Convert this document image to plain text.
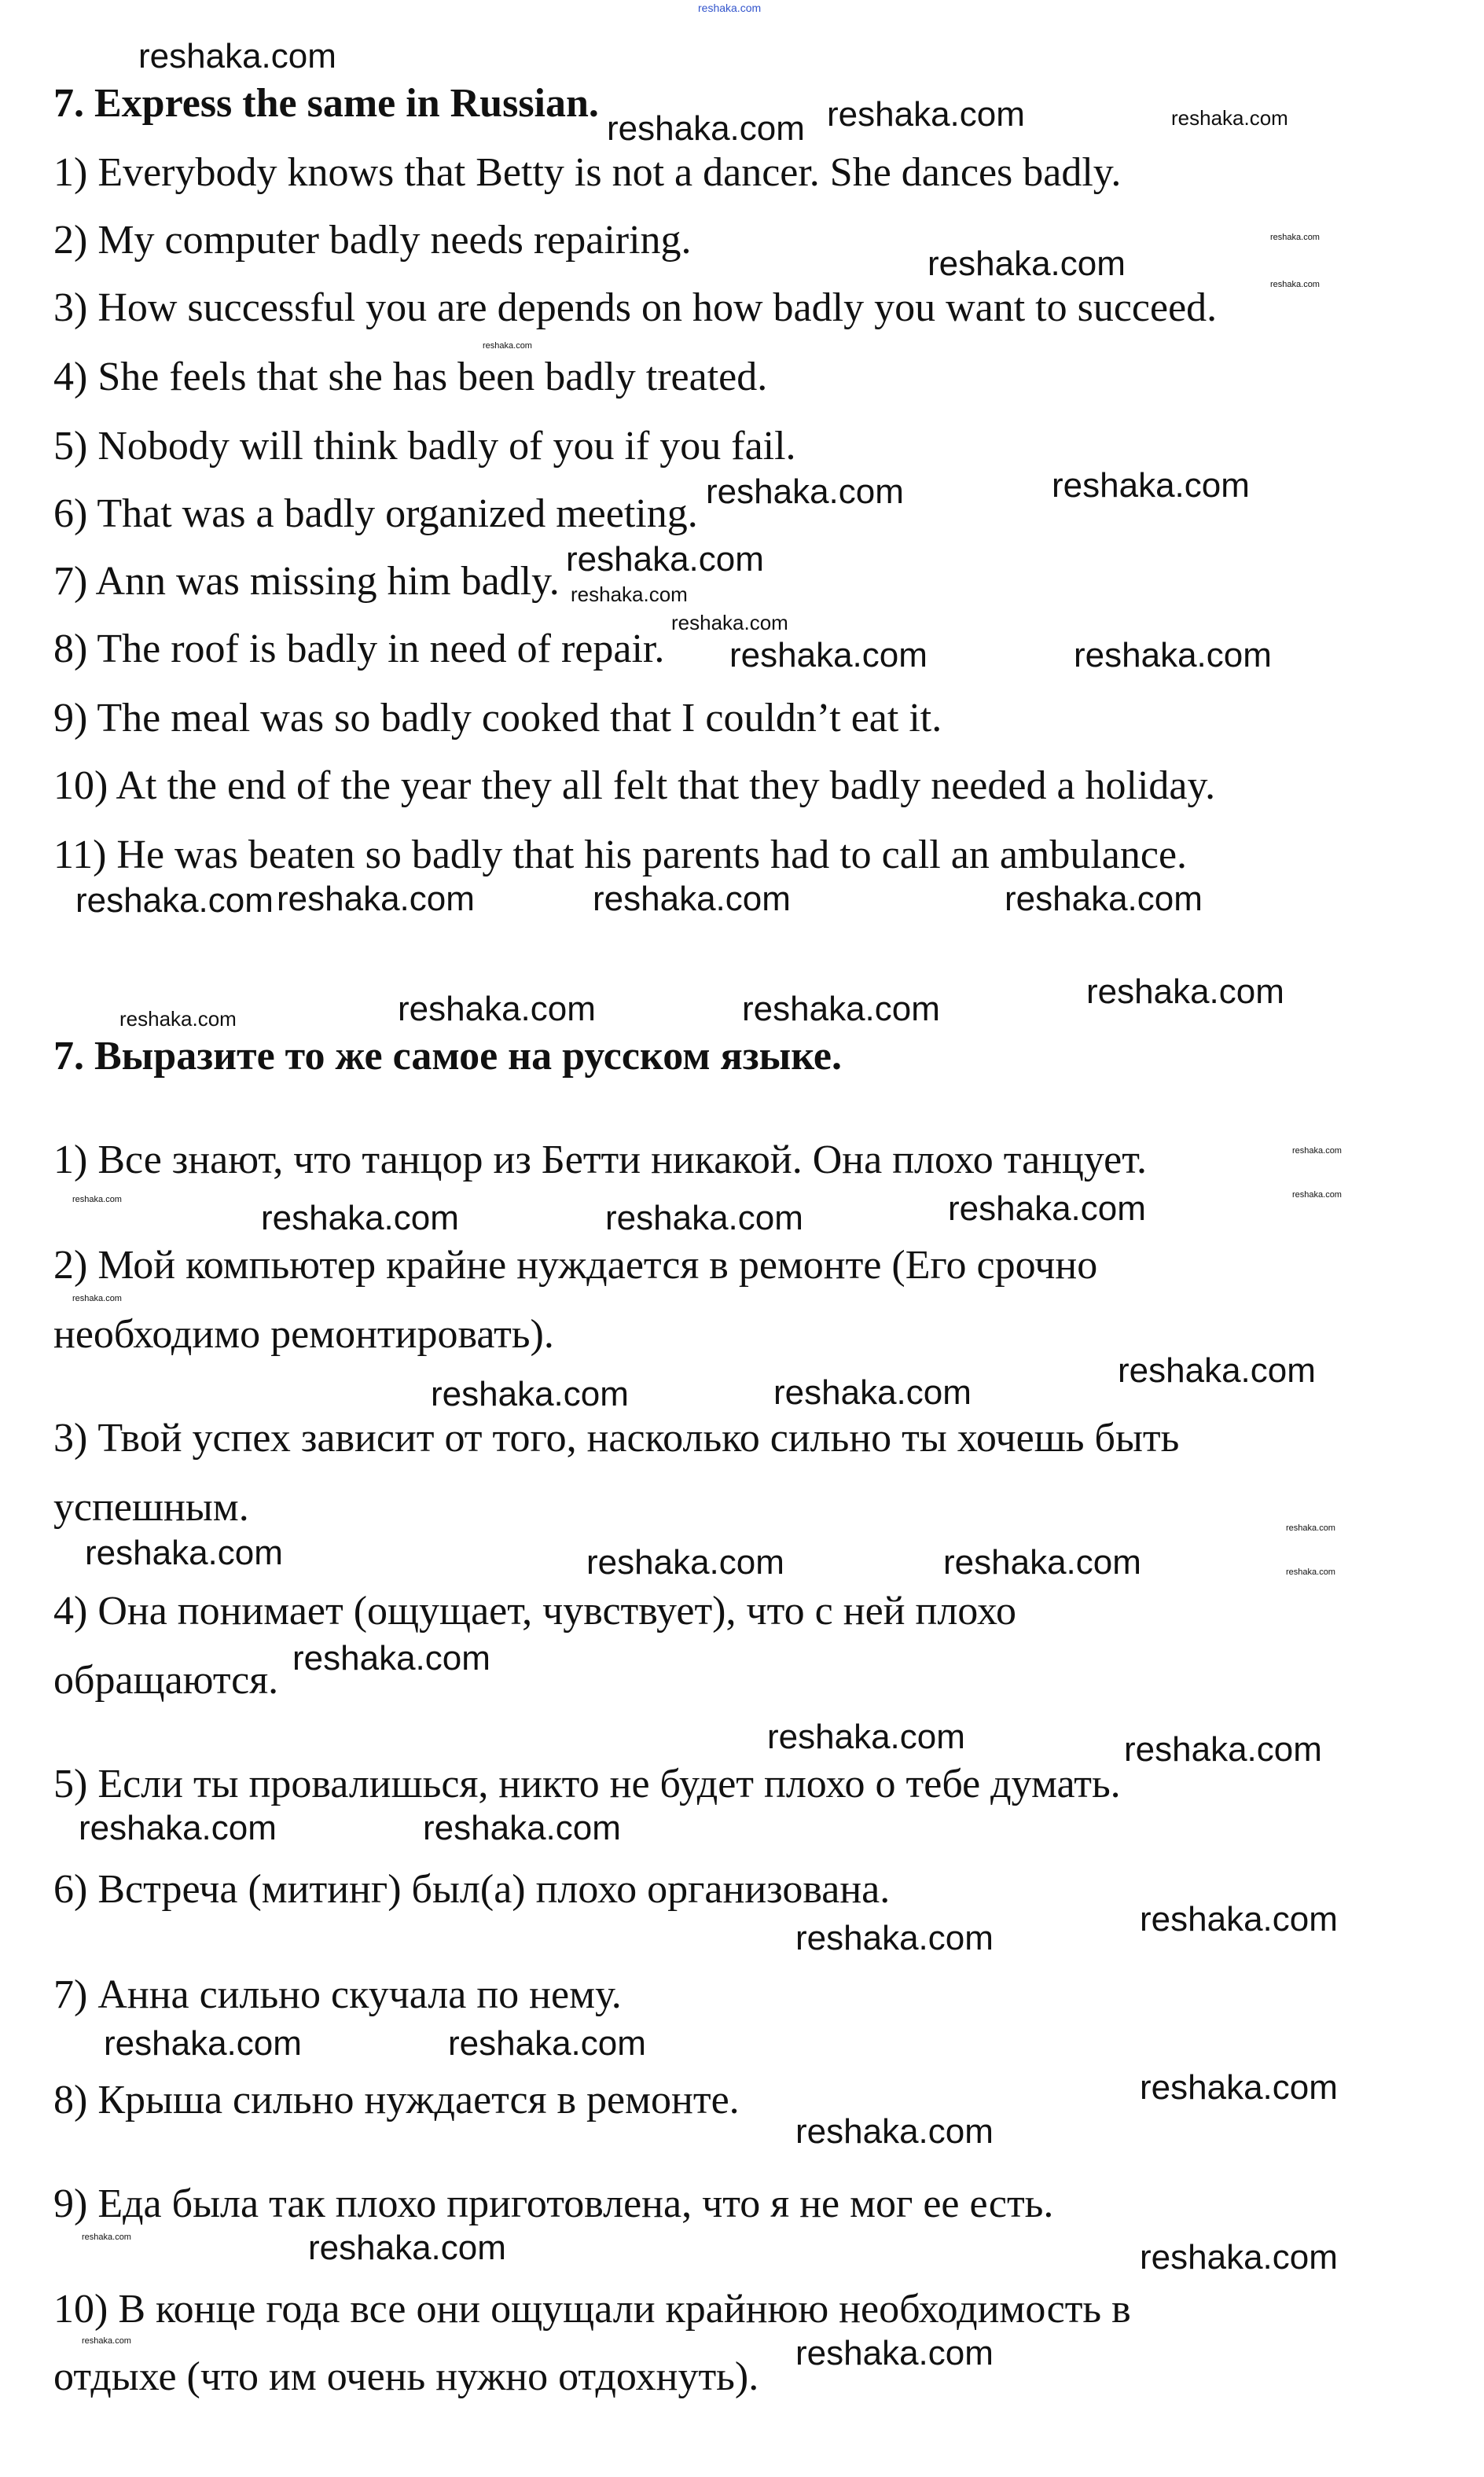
reshaka.com
7. Express the same in Russian.
1) Everybody knows that Betty is not a dancer. She dances badly.
2) My computer badly needs repairing.
3) How successful you are depends on how badly you want to succeed.
4) She feels that she has been badly treated.
5) Nobody will think badly of you if you fail.
6) That was a badly organized meeting.
7) Ann was missing him badly.
8) The roof is badly in need of repair.
9) The meal was so badly cooked that I couldn’t eat it.
10) At the end of the year they all felt that they badly needed a holiday.
11) He was beaten so badly that his parents had to call an ambulance.
7. Выразите то же самое на русском языке.
1) Все знают, что танцор из Бетти никакой. Она плохо танцует.
2) Мой компьютер крайне нуждается в ремонте (Его срочно
необходимо ремонтировать).
3) Твой успех зависит от того, насколько сильно ты хочешь быть
успешным.
4) Она понимает (ощущает, чувствует), что с ней плохо
обращаются.
5) Если ты провалишься, никто не будет плохо о тебе думать.
6) Встреча (митинг) был(а) плохо организована.
7) Анна сильно скучала по нему.
8) Крыша сильно нуждается в ремонте.
9) Еда была так плохо приготовлена, что я не мог ее есть.
10) В конце года все они ощущали крайнюю необходимость в
отдыхе (что им очень нужно отдохнуть).
reshaka.com	reshaka.com
reshaka.com
reshaka.com
reshaka.com
reshaka.com
reshaka.com
reshaka.com
reshaka.com
reshaka.com
reshaka.com	reshaka.com
reshaka.com
reshaka.com
reshaka.com	reshaka.com
reshaka.com	reshaka.com	reshaka.com
reshaka.com
reshaka.com	reshaka.com	reshaka.com
reshaka.com
reshaka.com	reshaka.com	reshaka.com
reshaka.com	reshaka.com
reshaka.com
reshaka.com
reshaka.com	reshaka.com
reshaka.com
reshaka.com
reshaka.com
reshaka.com	reshaka.com
reshaka.com
reshaka.com	reshaka.com
reshaka.com	reshaka.com
reshaka.com	reshaka.com
reshaka.com	reshaka.com
reshaka.com
reshaka.com
reshaka.com	reshaka.com	reshaka.com
reshaka.com	reshaka.com
